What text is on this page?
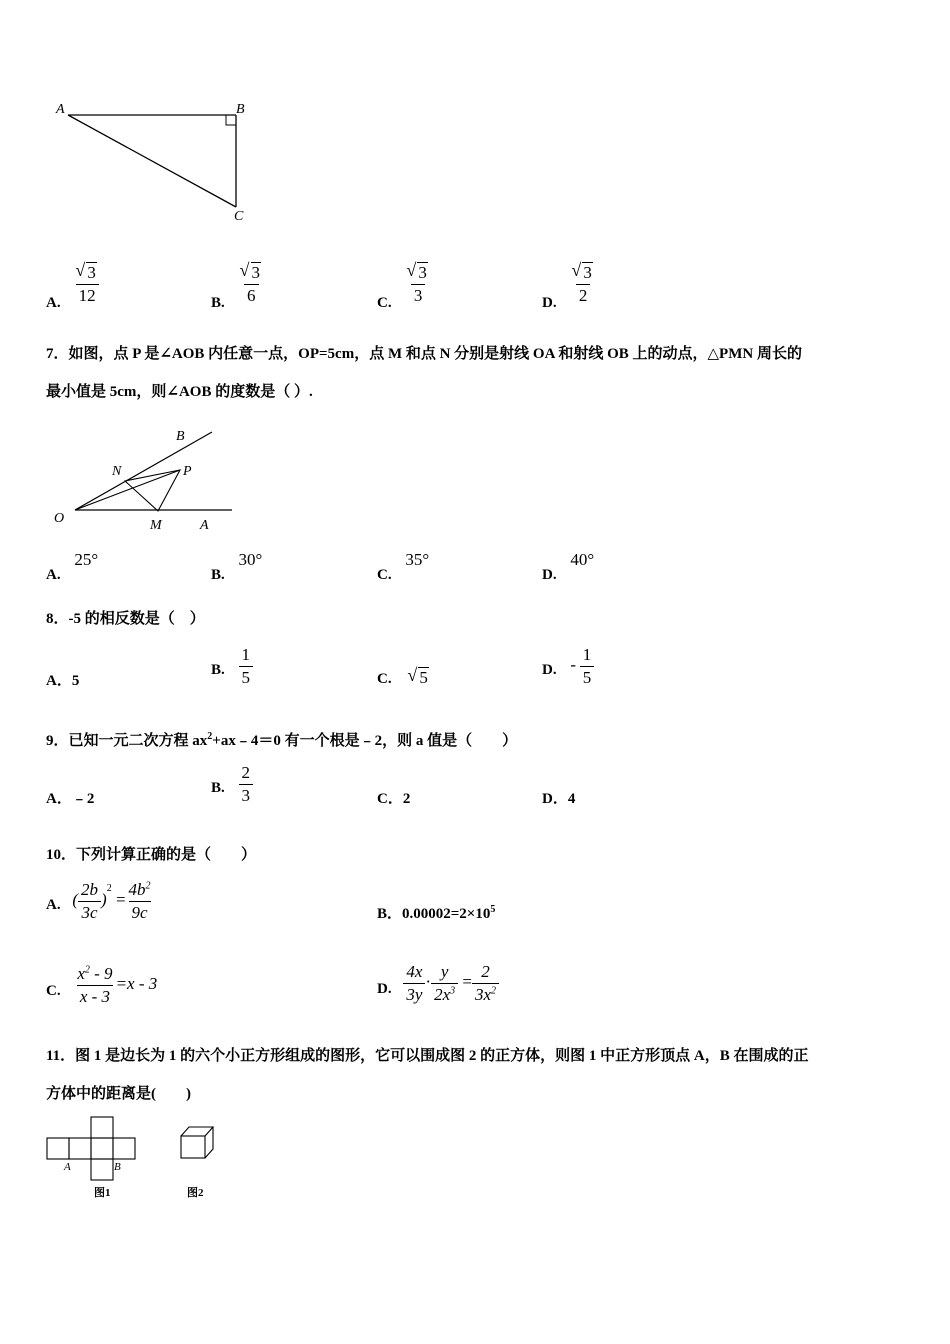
A	B
C
A. √ $\frac{3}{12}$	B. √ $\frac{3}{6}$	C. √ $\frac{3}{3}$	D. √ $\frac{3}{2}$
7．如图，点 P 是∠AOB 内任意一点，OP=5cm，点 M 和点 N 分别是射线 OA 和射线 OB 上的动点，△PMN 周长的
最小值是 5cm，则∠AOB 的度数是（ ）.
O	A
B
M
N	P
A. 25°
B. 30°
C. 35°
D. 40°
8．-5 的相反数是（　）
A．5
B. $\frac{1}{5}$	C. √ 5	D. - $\frac{1}{5}$
9．已知一元二次方程 $ax^2+ax﹣4=0$ 有一个根是﹣2，则 a 值是（　　）
A．﹣2
B. $\frac{2}{3}$	C．2	D．4
10．下列计算正确的是（　　）
A. ( $\frac{2b}{3c} )^2 = \frac{4b^2}{9c}$	B．$0.00002=2\times 10^5$
C. $\frac{x^2 - 9}{x - 3} =x - 3$	D. $\frac{4x}{3y} \cdot \frac{y}{2x^3} = \frac{2}{3x^2}$
11．图 1 是边长为 1 的六个小正方形组成的图形，它可以围成图 2 的正方体，则图 1 中正方形顶点 A，B 在围成的正
方体中的距离是(　　)
A	B
图1	图2
